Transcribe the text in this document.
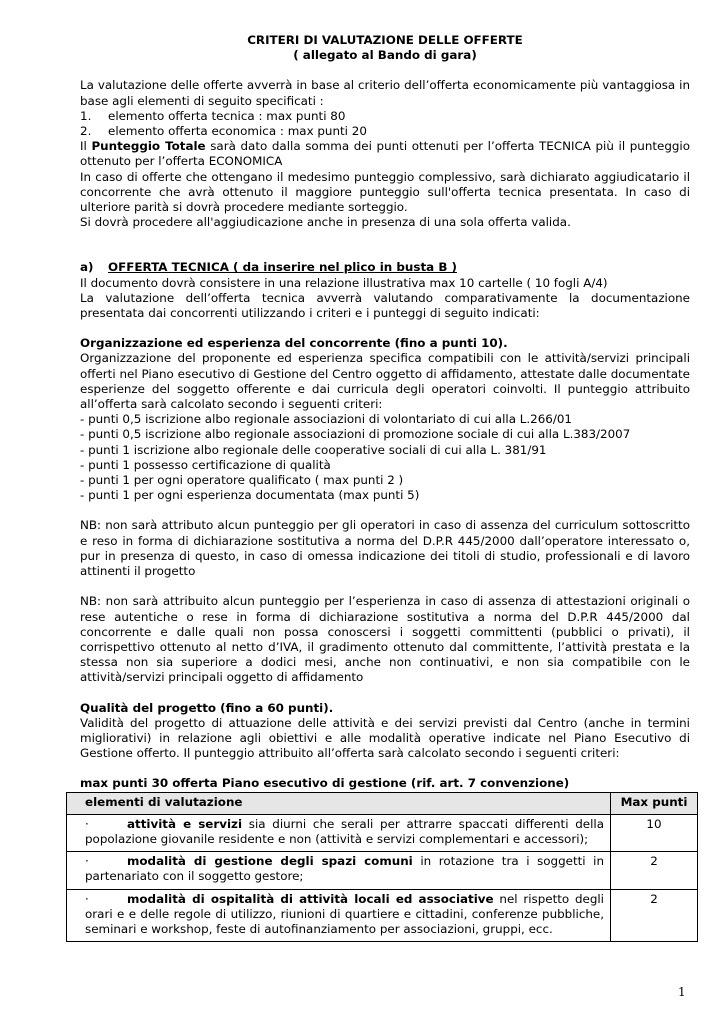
CRITERI DI VALUTAZIONE DELLE OFFERTE

( allegato al Bando di gara)

La valutazione delle offerte avverrà in base al criterio dell’offerta economicamente più vantaggiosa in base agli elementi di seguito specificati :

1. elemento offerta tecnica : max punti 80

2. elemento offerta economica : max punti 20

Il Punteggio Totale sarà dato dalla somma dei punti ottenuti per l’offerta TECNICA più il punteggio ottenuto per l’offerta ECONOMICA

In caso di offerte che ottengano il medesimo punteggio complessivo, sarà dichiarato aggiudicatario il concorrente che avrà ottenuto il maggiore punteggio sull'offerta tecnica presentata. In caso di ulteriore parità si dovrà procedere mediante sorteggio.

Si dovrà procedere all'aggiudicazione anche in presenza di una sola offerta valida.

a) OFFERTA TECNICA ( da inserire nel plico in busta B )

Il documento dovrà consistere in una relazione illustrativa max 10 cartelle ( 10 fogli A/4)

La valutazione dell’offerta tecnica avverrà valutando comparativamente la documentazione presentata dai concorrenti utilizzando i criteri e i punteggi di seguito indicati:

Organizzazione ed esperienza del concorrente (fino a punti 10).

Organizzazione del proponente ed esperienza specifica compatibili con le attività/servizi principali offerti nel Piano esecutivo di Gestione del Centro oggetto di affidamento, attestate dalle documentate esperienze del soggetto offerente e dai curricula degli operatori coinvolti. Il punteggio attribuito all’offerta sarà calcolato secondo i seguenti criteri:

- punti 0,5 iscrizione albo regionale associazioni di volontariato di cui alla L.266/01

- punti 0,5 iscrizione albo regionale associazioni di promozione sociale di cui alla L.383/2007

- punti 1 iscrizione albo regionale delle cooperative sociali di cui alla L. 381/91

- punti 1 possesso certificazione di qualità

- punti 1 per ogni operatore qualificato ( max punti 2 )

- punti 1 per ogni esperienza documentata (max punti 5)

NB: non sarà attributo alcun punteggio per gli operatori in caso di assenza del curriculum sottoscritto e reso in forma di dichiarazione sostitutiva a norma del D.P.R 445/2000 dall’operatore interessato o, pur in presenza di questo, in caso di omessa indicazione dei titoli di studio, professionali e di lavoro attinenti il progetto

NB: non sarà attribuito alcun punteggio per l’esperienza in caso di assenza di attestazioni originali o rese autentiche o rese in forma di dichiarazione sostitutiva a norma del D.P.R 445/2000 dal concorrente e dalle quali non possa conoscersi i soggetti committenti (pubblici o privati), il corrispettivo ottenuto al netto d’IVA, il gradimento ottenuto dal committente, l’attività prestata e la stessa non sia superiore a dodici mesi, anche non continuativi, e non sia compatibile con le attività/servizi principali oggetto di affidamento

Qualità del progetto (fino a 60 punti).

Validità del progetto di attuazione delle attività e dei servizi previsti dal Centro (anche in termini migliorativi) in relazione agli obiettivi e alle modalità operative indicate nel Piano Esecutivo di Gestione offerto. Il punteggio attribuito all’offerta sarà calcolato secondo i seguenti criteri:

max punti 30 offerta Piano esecutivo di gestione (rif. art. 7 convenzione)

elementi di valutazione	Max punti
· attività e servizi sia diurni che serali per attrarre spaccati differenti della popolazione giovanile residente e non (attività e servizi complementari e accessori);	10
· modalità di gestione degli spazi comuni in rotazione tra i soggetti in partenariato con il soggetto gestore;	2
· modalità di ospitalità di attività locali ed associative nel rispetto degli orari e e delle regole di utilizzo, riunioni di quartiere e cittadini, conferenze pubbliche, seminari e workshop, feste di autofinanziamento per associazioni, gruppi, ecc.	2
1
